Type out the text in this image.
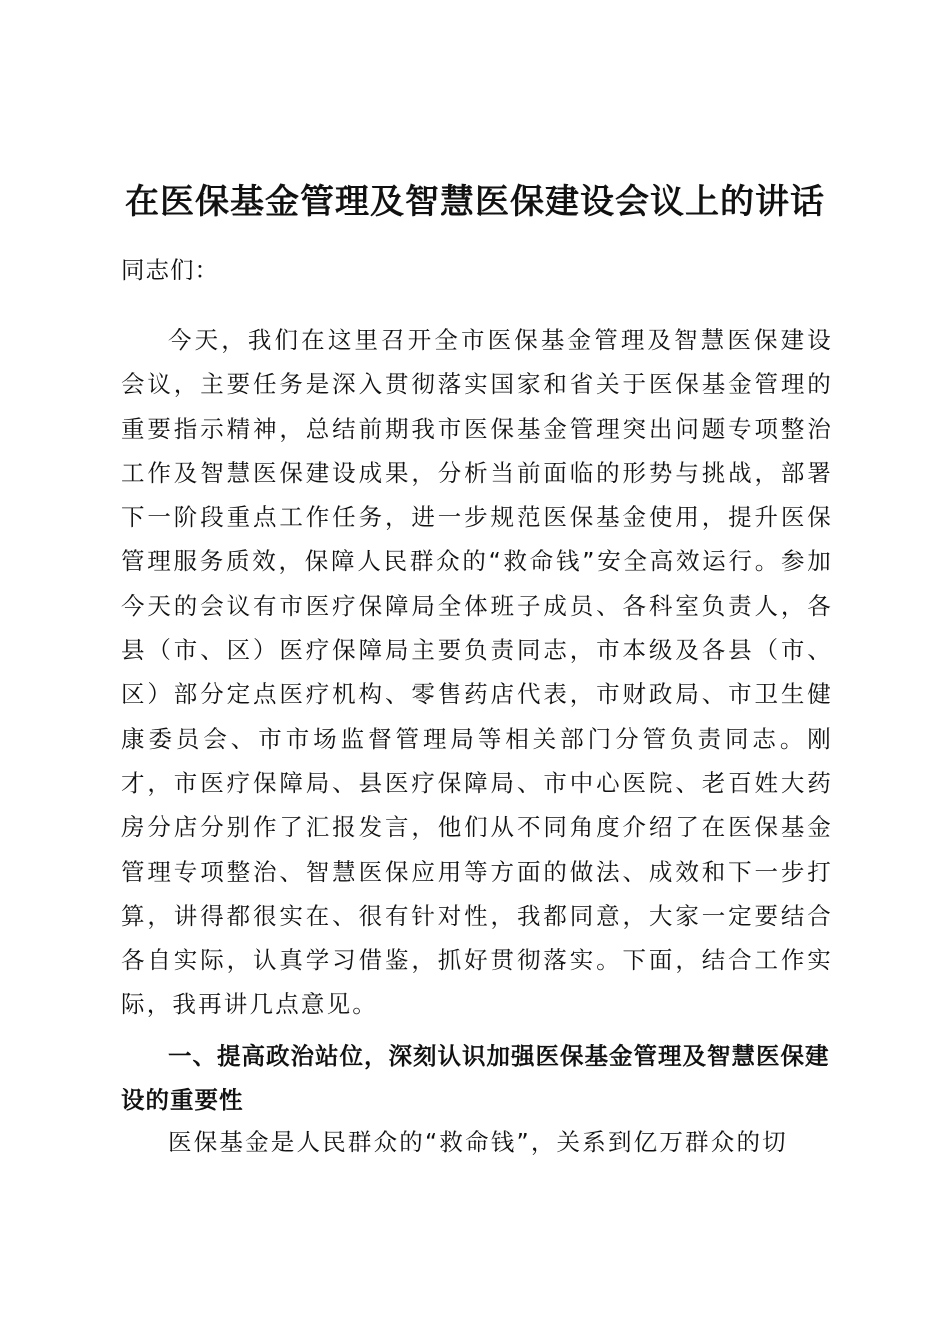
在医保基金管理及智慧医保建设会议上的讲话

同志们：

今天，我们在这里召开全市医保基金管理及智慧医保建设会议，主要任务是深入贯彻落实国家和省关于医保基金管理的重要指示精神，总结前期我市医保基金管理突出问题专项整治工作及智慧医保建设成果，分析当前面临的形势与挑战，部署下一阶段重点工作任务，进一步规范医保基金使用，提升医保管理服务质效，保障人民群众的“救命钱”安全高效运行。参加今天的会议有市医疗保障局全体班子成员、各科室负责人，各县（市、区）医疗保障局主要负责同志，市本级及各县（市、区）部分定点医疗机构、零售药店代表，市财政局、市卫生健康委员会、市市场监督管理局等相关部门分管负责同志。刚才，市医疗保障局、县医疗保障局、市中心医院、老百姓大药房分店分别作了汇报发言，他们从不同角度介绍了在医保基金管理专项整治、智慧医保应用等方面的做法、成效和下一步打算，讲得都很实在、很有针对性，我都同意，大家一定要结合各自实际，认真学习借鉴，抓好贯彻落实。下面，结合工作实际，我再讲几点意见。

一、提高政治站位，深刻认识加强医保基金管理及智慧医保建设的重要性

医保基金是人民群众的“救命钱”，关系到亿万群众的切
